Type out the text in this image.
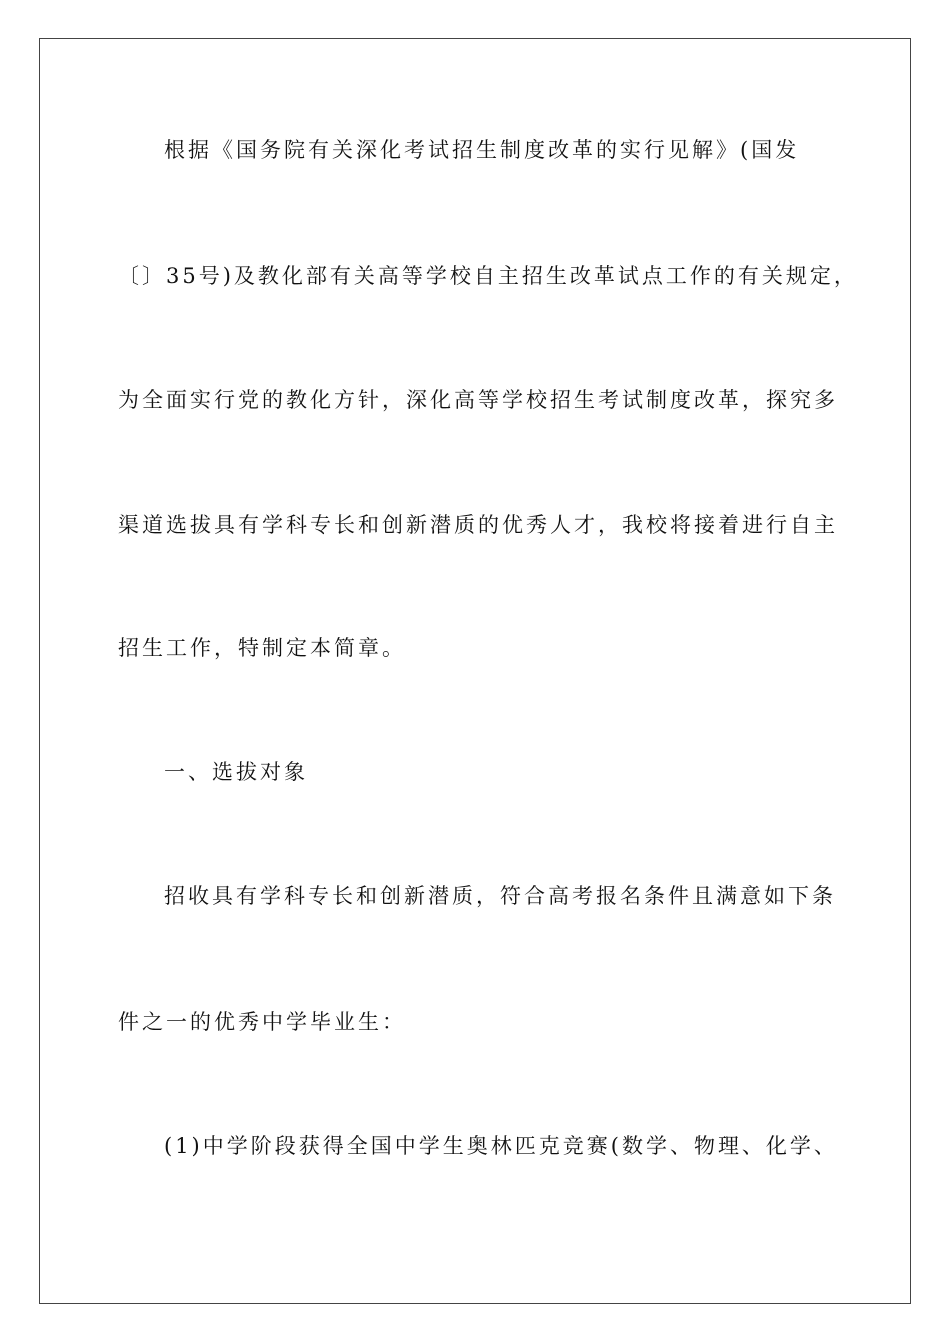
根据《国务院有关深化考试招生制度改革的实行见解》(国发
〔〕35号)及教化部有关高等学校自主招生改革试点工作的有关规定，
为全面实行党的教化方针，深化高等学校招生考试制度改革，探究多
渠道选拔具有学科专长和创新潜质的优秀人才，我校将接着进行自主
招生工作，特制定本简章。
一、选拔对象
招收具有学科专长和创新潜质，符合高考报名条件且满意如下条
件之一的优秀中学毕业生：
(1)中学阶段获得全国中学生奥林匹克竞赛(数学、物理、化学、
